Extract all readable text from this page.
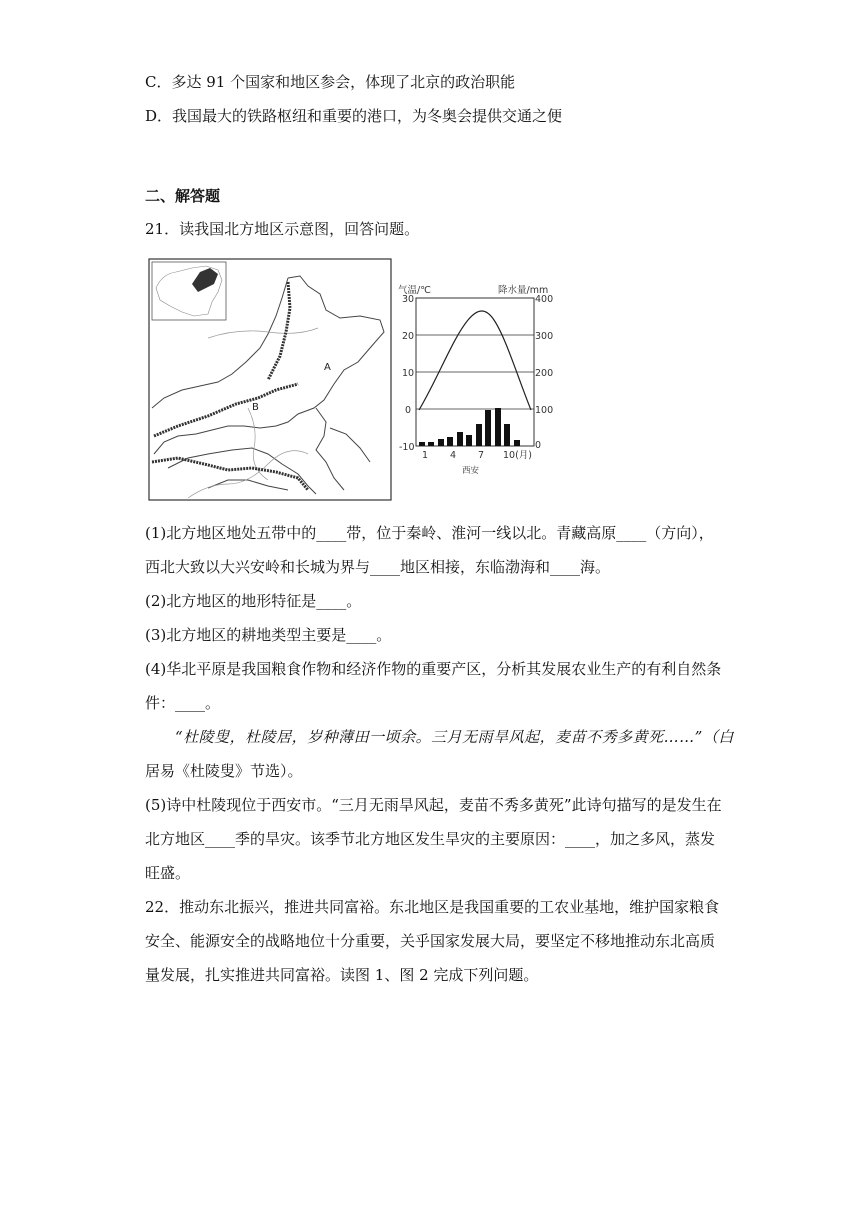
C．多达 91 个国家和地区参会，体现了北京的政治职能
D．我国最大的铁路枢纽和重要的港口，为冬奥会提供交通之便
二、解答题
21．读我国北方地区示意图，回答问题。
A
B
气温/℃	降水量/mm
30
20
10
0
-10
400
300
200
100
0
1 4 7 10(月)
西安
(1)北方地区地处五带中的____带，位于秦岭、淮河一线以北。青藏高原____（方向），
西北大致以大兴安岭和长城为界与____地区相接，东临渤海和____海。
(2)北方地区的地形特征是____。
(3)北方地区的耕地类型主要是____。
(4)华北平原是我国粮食作物和经济作物的重要产区，分析其发展农业生产的有利自然条
件：____。
“杜陵叟，杜陵居，岁种薄田一顷余。三月无雨旱风起，麦苗不秀多黄死……”（白
居易《杜陵叟》节选）。
(5)诗中杜陵现位于西安市。“三月无雨旱风起，麦苗不秀多黄死”此诗句描写的是发生在
北方地区____季的旱灾。该季节北方地区发生旱灾的主要原因：____，加之多风，蒸发
旺盛。
22．推动东北振兴，推进共同富裕。东北地区是我国重要的工农业基地，维护国家粮食
安全、能源安全的战略地位十分重要，关乎国家发展大局，要坚定不移地推动东北高质
量发展，扎实推进共同富裕。读图 1、图 2 完成下列问题。
